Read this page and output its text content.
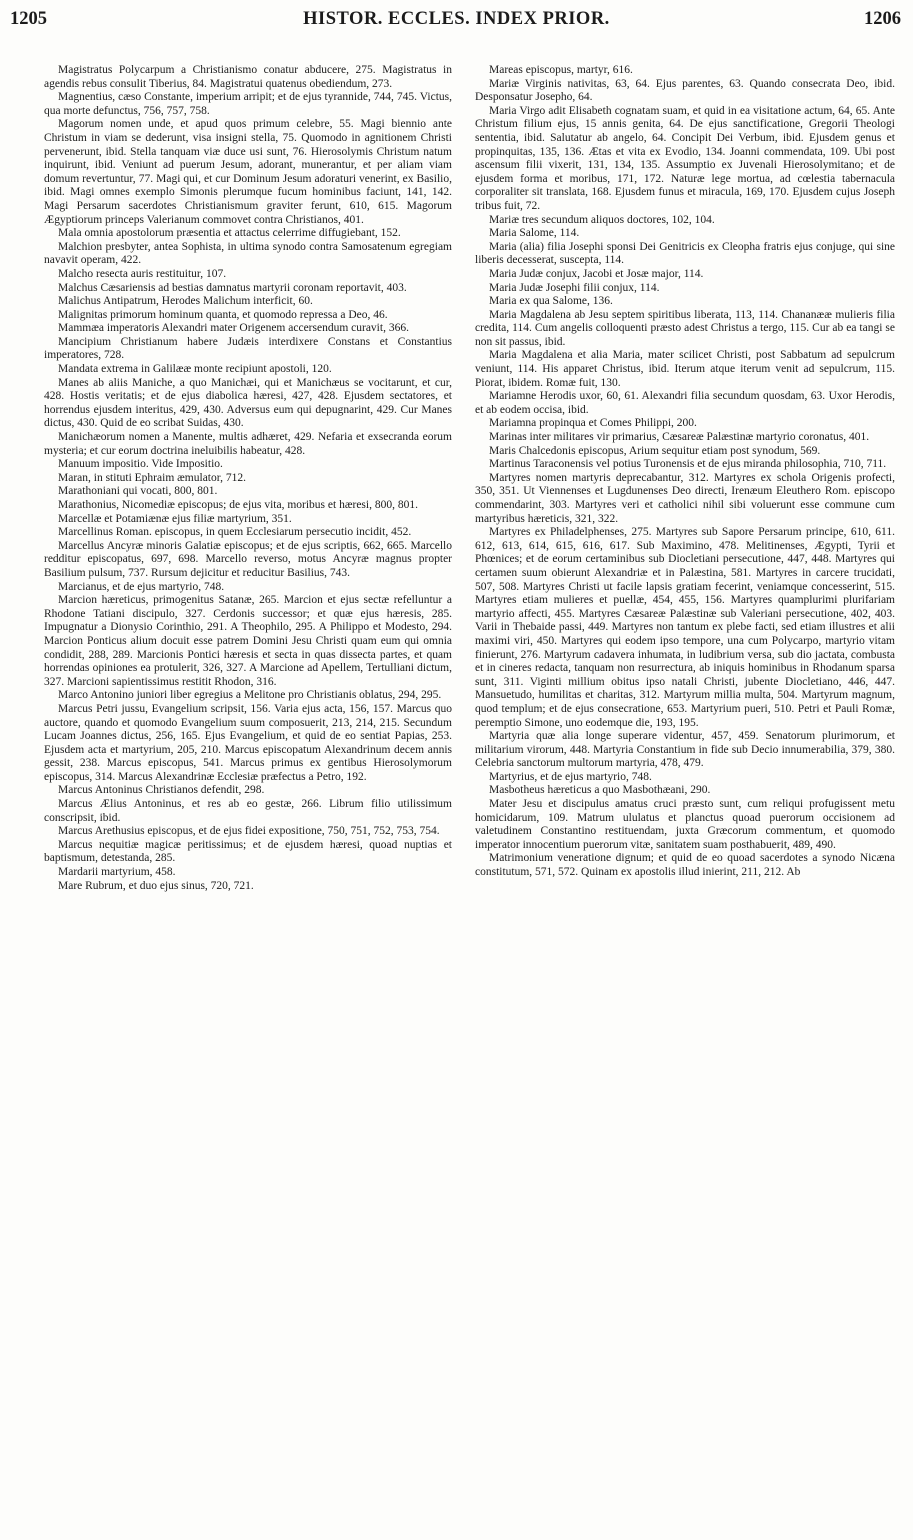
1205	HISTOR. ECCLES. INDEX PRIOR.	1206

Magistratus Polycarpum a Christianismo conatur abducere, 275. Magistratus in agendis rebus consulit Tiberius, 84. Magistratui quatenus obediendum, 273.

Magnentius, cæso Constante, imperium arripit; et de ejus tyrannide, 744, 745. Victus, qua morte defunctus, 756, 757, 758.

Magorum nomen unde, et apud quos primum celebre, 55. Magi biennio ante Christum in viam se dederunt, visa insigni stella, 75. Quomodo in agnitionem Christi pervenerunt, ibid. Stella tanquam viæ duce usi sunt, 76. Hierosolymis Christum natum inquirunt, ibid. Veniunt ad puerum Jesum, adorant, munerantur, et per aliam viam domum revertuntur, 77. Magi qui, et cur Dominum Jesum adoraturi venerint, ex Basilio, ibid. Magi omnes exemplo Simonis plerumque fucum hominibus faciunt, 141, 142. Magi Persarum sacerdotes Christianismum graviter ferunt, 610, 615. Magorum Ægyptiorum princeps Valerianum commovet contra Christianos, 401.

Mala omnia apostolorum præsentia et attactus celerrime diffugiebant, 152.

Malchion presbyter, antea Sophista, in ultima synodo contra Samosatenum egregiam navavit operam, 422.

Malcho resecta auris restituitur, 107.

Malchus Cæsariensis ad bestias damnatus martyrii coronam reportavit, 403.

Malichus Antipatrum, Herodes Malichum interficit, 60.

Malignitas primorum hominum quanta, et quomodo repressa a Deo, 46.

Mammæa imperatoris Alexandri mater Origenem accersendum curavit, 366.

Mancipium Christianum habere Judæis interdixere Constans et Constantius imperatores, 728.

Mandata extrema in Galilææ monte recipiunt apostoli, 120.

Manes ab aliis Maniche, a quo Manichæi, qui et Manichæus se vocitarunt, et cur, 428. Hostis veritatis; et de ejus diabolica hæresi, 427, 428. Ejusdem sectatores, et horrendus ejusdem interitus, 429, 430. Adversus eum qui depugnarint, 429. Cur Manes dictus, 430. Quid de eo scribat Suidas, 430.

Manichæorum nomen a Manente, multis adhæret, 429. Nefaria et exsecranda eorum mysteria; et cur eorum doctrina ineluibilis habeatur, 428.

Manuum impositio. Vide Impositio.

Maran, in stituti Ephraim æmulator, 712.

Marathoniani qui vocati, 800, 801.

Marathonius, Nicomediæ episcopus; de ejus vita, moribus et hæresi, 800, 801.

Marcellæ et Potamiænæ ejus filiæ martyrium, 351.

Marcellinus Roman. episcopus, in quem Ecclesiarum persecutio incidit, 452.

Marcellus Ancyræ minoris Galatiæ episcopus; et de ejus scriptis, 662, 665. Marcello redditur episcopatus, 697, 698. Marcello reverso, motus Ancyræ magnus propter Basilium pulsum, 737. Rursum dejicitur et reducitur Basilius, 743.

Marcianus, et de ejus martyrio, 748.

Marcion hæreticus, primogenitus Satanæ, 265. Marcion et ejus sectæ refelluntur a Rhodone Tatiani discipulo, 327. Cerdonis successor; et quæ ejus hæresis, 285. Impugnatur a Dionysio Corinthio, 291. A Theophilo, 295. A Philippo et Modesto, 294. Marcion Ponticus alium docuit esse patrem Domini Jesu Christi quam eum qui omnia condidit, 288, 289. Marcionis Pontici hæresis et secta in quas dissecta partes, et quam horrendas opiniones ea protulerit, 326, 327. A Marcione ad Apellem, Tertulliani dictum, 327. Marcioni sapientissimus restitit Rhodon, 316.

Marco Antonino juniori liber egregius a Melitone pro Christianis oblatus, 294, 295.

Marcus Petri jussu, Evangelium scripsit, 156. Varia ejus acta, 156, 157. Marcus quo auctore, quando et quomodo Evangelium suum composuerit, 213, 214, 215. Secundum Lucam Joannes dictus, 256, 165. Ejus Evangelium, et quid de eo sentiat Papias, 253. Ejusdem acta et martyrium, 205, 210. Marcus episcopatum Alexandrinum decem annis gessit, 238. Marcus episcopus, 541. Marcus primus ex gentibus Hierosolymorum episcopus, 314. Marcus Alexandrinæ Ecclesiæ præfectus a Petro, 192.

Marcus Antoninus Christianos defendit, 298.

Marcus Ælius Antoninus, et res ab eo gestæ, 266. Librum filio utilissimum conscripsit, ibid.

Marcus Arethusius episcopus, et de ejus fidei expositione, 750, 751, 752, 753, 754.

Marcus nequitiæ magicæ peritissimus; et de ejusdem hæresi, quoad nuptias et baptismum, detestanda, 285.

Mardarii martyrium, 458.

Mare Rubrum, et duo ejus sinus, 720, 721.

Mareas episcopus, martyr, 616.

Mariæ Virginis nativitas, 63, 64. Ejus parentes, 63. Quando consecrata Deo, ibid. Desponsatur Josepho, 64.

Maria Virgo adit Elisabeth cognatam suam, et quid in ea visitatione actum, 64, 65. Ante Christum filium ejus, 15 annis genita, 64. De ejus sanctificatione, Gregorii Theologi sententia, ibid. Salutatur ab angelo, 64. Concipit Dei Verbum, ibid. Ejusdem genus et propinquitas, 135, 136. Ætas et vita ex Evodio, 134. Joanni commendata, 109. Ubi post ascensum filii vixerit, 131, 134, 135. Assumptio ex Juvenali Hierosolymitano; et de ejusdem forma et moribus, 171, 172. Naturæ lege mortua, ad cœlestia tabernacula corporaliter sit translata, 168. Ejusdem funus et miracula, 169, 170. Ejusdem cujus Joseph tribus fuit, 72.

Mariæ tres secundum aliquos doctores, 102, 104.

Maria Salome, 114.

Maria (alia) filia Josephi sponsi Dei Genitricis ex Cleopha fratris ejus conjuge, qui sine liberis decesserat, suscepta, 114.

Maria Judæ conjux, Jacobi et Josæ major, 114.

Maria Judæ Josephi filii conjux, 114.

Maria ex qua Salome, 136.

Maria Magdalena ab Jesu septem spiritibus liberata, 113, 114. Chananææ mulieris filia credita, 114. Cum angelis colloquenti præsto adest Christus a tergo, 115. Cur ab ea tangi se non sit passus, ibid.

Maria Magdalena et alia Maria, mater scilicet Christi, post Sabbatum ad sepulcrum veniunt, 114. His apparet Christus, ibid. Iterum atque iterum venit ad sepulcrum, 115. Piorat, ibidem. Romæ fuit, 130.

Mariamne Herodis uxor, 60, 61. Alexandri filia secundum quosdam, 63. Uxor Herodis, et ab eodem occisa, ibid.

Mariamna propinqua et Comes Philippi, 200.

Marinas inter militares vir primarius, Cæsareæ Palæstinæ martyrio coronatus, 401.

Maris Chalcedonis episcopus, Arium sequitur etiam post synodum, 569.

Martinus Taraconensis vel potius Turonensis et de ejus miranda philosophia, 710, 711.

Martyres nomen martyris deprecabantur, 312. Martyres ex schola Origenis profecti, 350, 351. Ut Viennenses et Lugdunenses Deo directi, Irenæum Eleuthero Rom. episcopo commendarint, 303. Martyres veri et catholici nihil sibi voluerunt esse commune cum martyribus hæreticis, 321, 322.

Martyres ex Philadelphenses, 275. Martyres sub Sapore Persarum principe, 610, 611. 612, 613, 614, 615, 616, 617. Sub Maximino, 478. Melitinenses, Ægypti, Tyrii et Phœnices; et de eorum certaminibus sub Diocletiani persecutione, 447, 448. Martyres qui certamen suum obierunt Alexandriæ et in Palæstina, 581. Martyres in carcere trucidati, 507, 508. Martyres Christi ut facile lapsis gratiam fecerint, veniamque concesserint, 515. Martyres etiam mulieres et puellæ, 454, 455, 156. Martyres quamplurimi plurifariam martyrio affecti, 455. Martyres Cæsareæ Palæstinæ sub Valeriani persecutione, 402, 403. Varii in Thebaide passi, 449. Martyres non tantum ex plebe facti, sed etiam illustres et alii maximi viri, 450. Martyres qui eodem ipso tempore, una cum Polycarpo, martyrio vitam finierunt, 276. Martyrum cadavera inhumata, in ludibrium versa, sub dio jactata, combusta et in cineres redacta, tanquam non resurrectura, ab iniquis hominibus in Rhodanum sparsa sunt, 311. Viginti millium obitus ipso natali Christi, jubente Diocletiano, 446, 447. Mansuetudo, humilitas et charitas, 312. Martyrum millia multa, 504. Martyrum magnum, quod templum; et de ejus consecratione, 653. Martyrium pueri, 510. Petri et Pauli Romæ, peremptio Simone, uno eodemque die, 193, 195.

Martyria quæ alia longe superare videntur, 457, 459. Senatorum plurimorum, et militarium virorum, 448. Martyria Constantium in fide sub Decio innumerabilia, 379, 380. Celebria sanctorum multorum martyria, 478, 479.

Martyrius, et de ejus martyrio, 748.

Masbotheus hæreticus a quo Masbothæani, 290.

Mater Jesu et discipulus amatus cruci præsto sunt, cum reliqui profugissent metu homicidarum, 109. Matrum ululatus et planctus quoad puerorum occisionem ad valetudinem Constantino restituendam, juxta Græcorum commentum, et quomodo imperator innocentium puerorum vitæ, sanitatem suam posthabuerit, 489, 490.

Matrimonium veneratione dignum; et quid de eo quoad sacerdotes a synodo Nicæna constitutum, 571, 572. Quinam ex apostolis illud inierint, 211, 212. Ab
